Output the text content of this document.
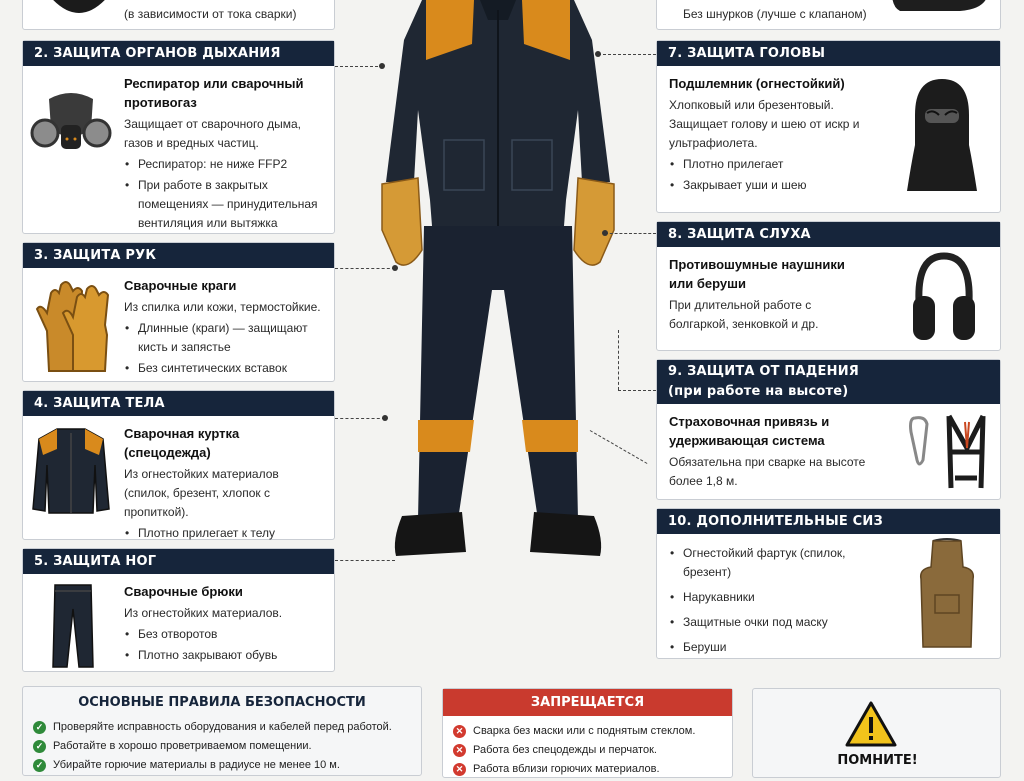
(в зависимости от тока сварки)	Без шнурков (лучше с клапаном)
2. ЗАЩИТА ОРГАНОВ ДЫХАНИЯ
Респиратор или сварочный противогаз
Защищает от сварочного дыма, газов и вредных частиц.
• Респиратор: не ниже FFP2
• При работе в закрытых помещениях — принудительная вентиляция или вытяжка
3. ЗАЩИТА РУК
Сварочные краги
Из спилка или кожи, термостойкие.
• Длинные (краги) — защищают кисть и запястье
• Без синтетических вставок
4. ЗАЩИТА ТЕЛА
Сварочная куртка (спецодежда)
Из огнестойких материалов (спилок, брезент, хлопок с пропиткой).
• Плотно прилегает к телу
•
5. ЗАЩИТА НОГ
Сварочные брюки
Из огнестойких материалов.
• Без отворотов
• Плотно закрывают обувь
7. ЗАЩИТА ГОЛОВЫ
Подшлемник (огнестойкий)
Хлопковый или брезентовый. Защищает голову и шею от искр и ультрафиолета.
• Плотно прилегает
• Закрывает уши и шею
8. ЗАЩИТА СЛУХА
Противошумные наушники или беруши
При длительной работе с болгаркой, зенковкой и др.
9. ЗАЩИТА ОТ ПАДЕНИЯ
(при работе на высоте)
Страховочная привязь и удерживающая система
Обязательна при сварке на высоте более 1,8 м.
10. ДОПОЛНИТЕЛЬНЫЕ СИЗ
• Огнестойкий фартук (спилок, брезент)
• Нарукавники
• Защитные очки под маску
• Беруши
ОСНОВНЫЕ ПРАВИЛА БЕЗОПАСНОСТИ
✓ Проверяйте исправность оборудования и кабелей перед работой.
✓ Работайте в хорошо проветриваемом помещении.
✓ Убирайте горючие материалы в радиусе не менее 10 м.
ЗАПРЕЩАЕТСЯ
✕ Сварка без маски или с поднятым стеклом.
✕ Работа без спецодежды и перчаток.
✕ Работа вблизи горючих материалов.
ПОМНИТЕ!
